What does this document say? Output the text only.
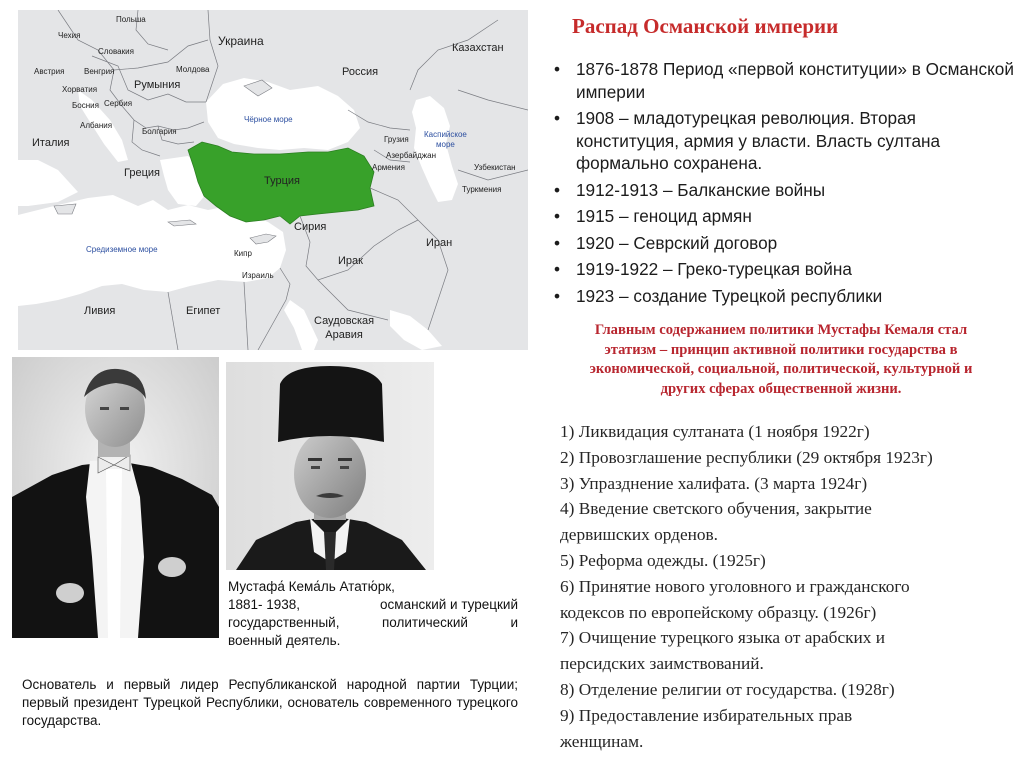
Польша
Чехия
Словакия
Украина
Молдова
Австрия Венгрия
Румыния
Хорватия
Сербия
Босния
Болгария
Албания
Италия
Греция
Турция
Грузия
Армения
Азербайджан
Россия
Казахстан
Узбекистан
Туркмения
Сирия
Кипр
Израиль
Ирак
Иран
Ливия	Египет
Саудовская
Аравия
Чёрное море
Каспийское
море
Средиземное море
Мустафа́ Кема́ль Ататю́рк,
1881- 1938,	османский и турецкий
государственный, политический и
военный деятель.
Основатель и первый лидер Республиканской народной партии Турции; первый президент Турецкой Республики, основатель современного турецкого государства.
Распад Османской империи
• 1876-1878 Период «первой конституции» в Османской империи
• 1908 – младотурецкая революция. Вторая конституция, армия у власти. Власть султана формально сохранена.
• 1912-1913 – Балканские войны
• 1915 – геноцид армян
• 1920 – Севрский договор
• 1919-1922 – Греко-турецкая война
• 1923 – создание Турецкой республики
Главным содержанием политики Мустафы Кемаля стал
этатизм – принцип активной политики государства в
экономической, социальной, политической, культурной и
других сферах общественной жизни.
1) Ликвидация султаната (1 ноября 1922г)
2) Провозглашение республики (29 октября 1923г)
3) Упразднение халифата. (3 марта 1924г)
4) Введение светского обучения, закрытие
дервишских орденов.
5) Реформа одежды. (1925г)
6) Принятие нового уголовного и гражданского
кодексов по европейскому образцу. (1926г)
7) Очищение турецкого языка от арабских и
персидских заимствований.
8) Отделение религии от государства. (1928г)
9) Предоставление избирательных прав
женщинам.
